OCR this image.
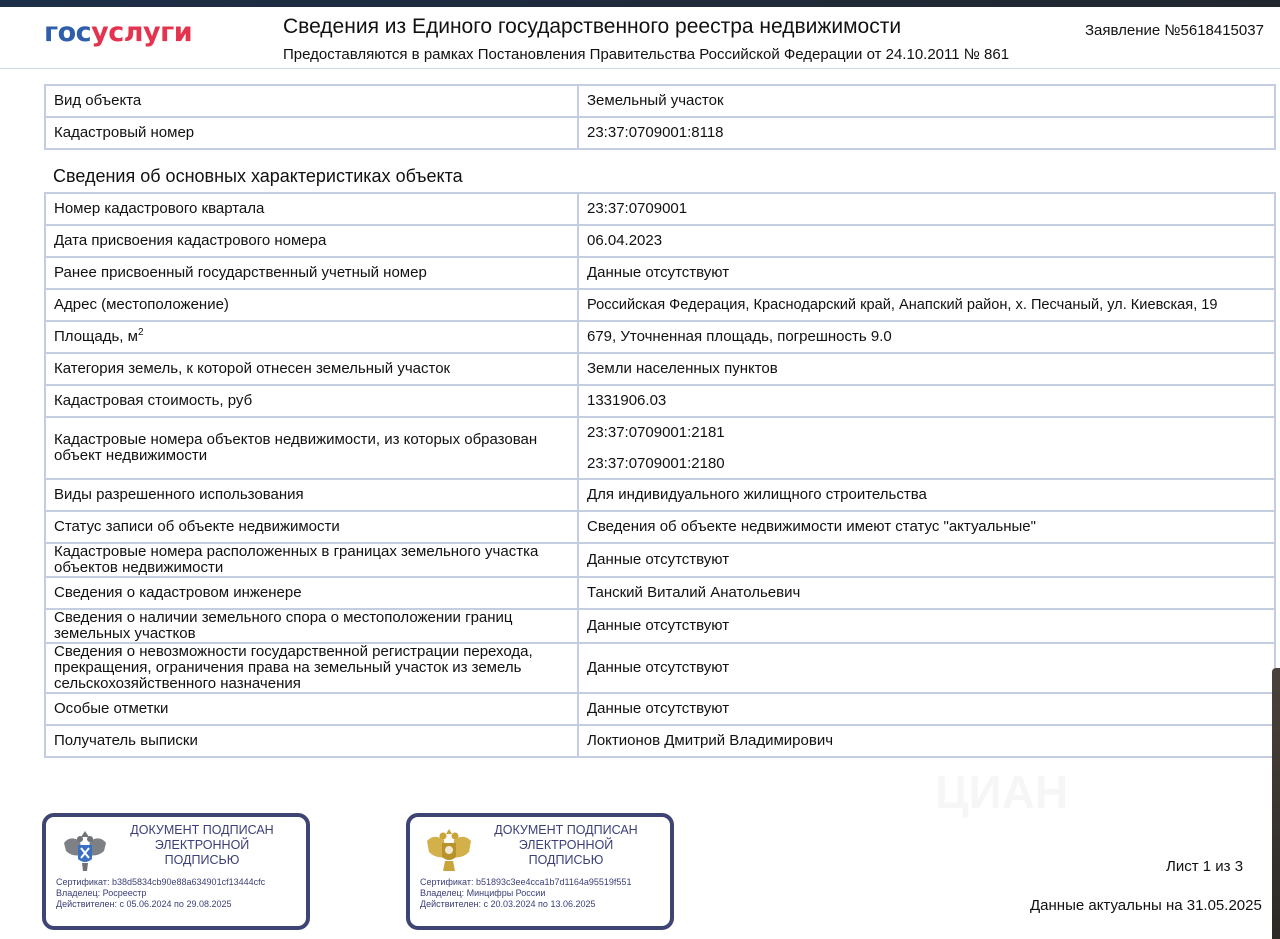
госуслуги	Сведения из Единого государственного реестра недвижимости
Предоставляются в рамках Постановления Правительства Российской Федерации от 24.10.2011 № 861
Заявление №5618415037
Вид объекта	Земельный участок
Кадастровый номер	23:37:0709001:8118
Сведения об основных характеристиках объекта
Номер кадастрового квартала	23:37:0709001
Дата присвоения кадастрового номера	06.04.2023
Ранее присвоенный государственный учетный номер	Данные отсутствуют
Адрес (местоположение)	Российская Федерация, Краснодарский край, Анапский район, х. Песчаный, ул. Киевская, 19
Площадь, $м^2$	679, Уточненная площадь, погрешность 9.0
Категория земель, к которой отнесен земельный участок	Земли населенных пунктов
Кадастровая стоимость, руб	1331906.03
Кадастровые номера объектов недвижимости, из которых образован объект недвижимости	23:37:0709001:2181
23:37:0709001:2180

Виды разрешенного использования	Для индивидуального жилищного строительства
Статус записи об объекте недвижимости	Сведения об объекте недвижимости имеют статус "актуальные"
Кадастровые номера расположенных в границах земельного участка объектов недвижимости	Данные отсутствуют
Сведения о кадастровом инженере	Танский Виталий Анатольевич
Сведения о наличии земельного спора о местоположении границ земельных участков	Данные отсутствуют
Сведения о невозможности государственной регистрации перехода, прекращения, ограничения права на земельный участок из земель сельскохозяйственного назначения	Данные отсутствуют
Особые отметки	Данные отсутствуют
Получатель выписки	Локтионов Дмитрий Владимирович
ДОКУМЕНТ ПОДПИСАН
ЭЛЕКТРОННОЙ
ПОДПИСЬЮ
Сертификат: b38d5834cb90e88a634901cf13444cfc
Владелец: Росреестр
Действителен: с 05.06.2024 по 29.08.2025
ДОКУМЕНТ ПОДПИСАН
ЭЛЕКТРОННОЙ
ПОДПИСЬЮ
Сертификат: b51893c3ee4cca1b7d1164a95519f551
Владелец: Минцифры России
Действителен: с 20.03.2024 по 13.06.2025
Лист 1 из 3
Данные актуальны на 31.05.2025
